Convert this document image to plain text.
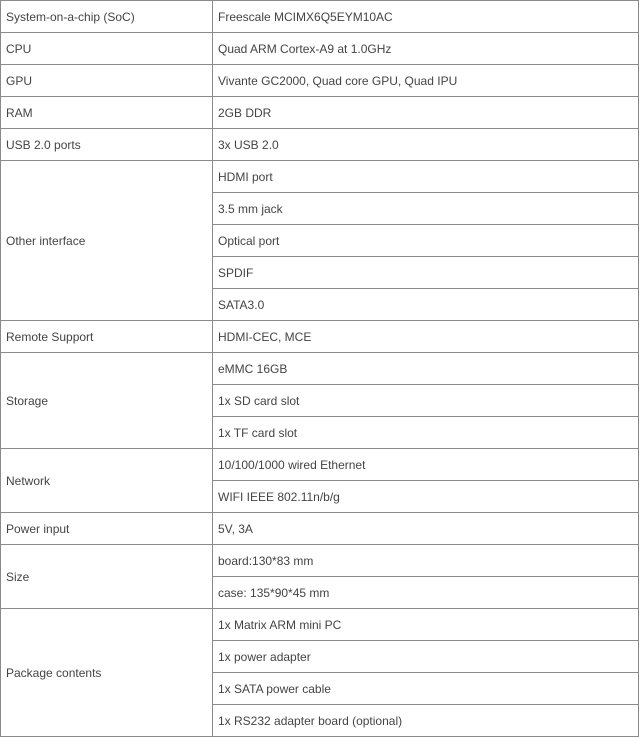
System-on-a-chip (SoC)	Freescale MCIMX6Q5EYM10AC
CPU	Quad ARM Cortex-A9 at 1.0GHz
GPU	Vivante GC2000, Quad core GPU, Quad IPU
RAM	2GB DDR
USB 2.0 ports	3x USB 2.0
Other interface	HDMI port
	3.5 mm jack
	Optical port
	SPDIF
	SATA3.0
Remote Support	HDMI-CEC, MCE
Storage	eMMC 16GB
	1x SD card slot
	1x TF card slot
Network	10/100/1000 wired Ethernet
	WIFI IEEE 802.11n/b/g
Power input	5V, 3A
Size	board:130*83 mm
	case: 135*90*45 mm
Package contents	1x Matrix ARM mini PC
	1x power adapter
	1x SATA power cable
	1x RS232 adapter board (optional)
